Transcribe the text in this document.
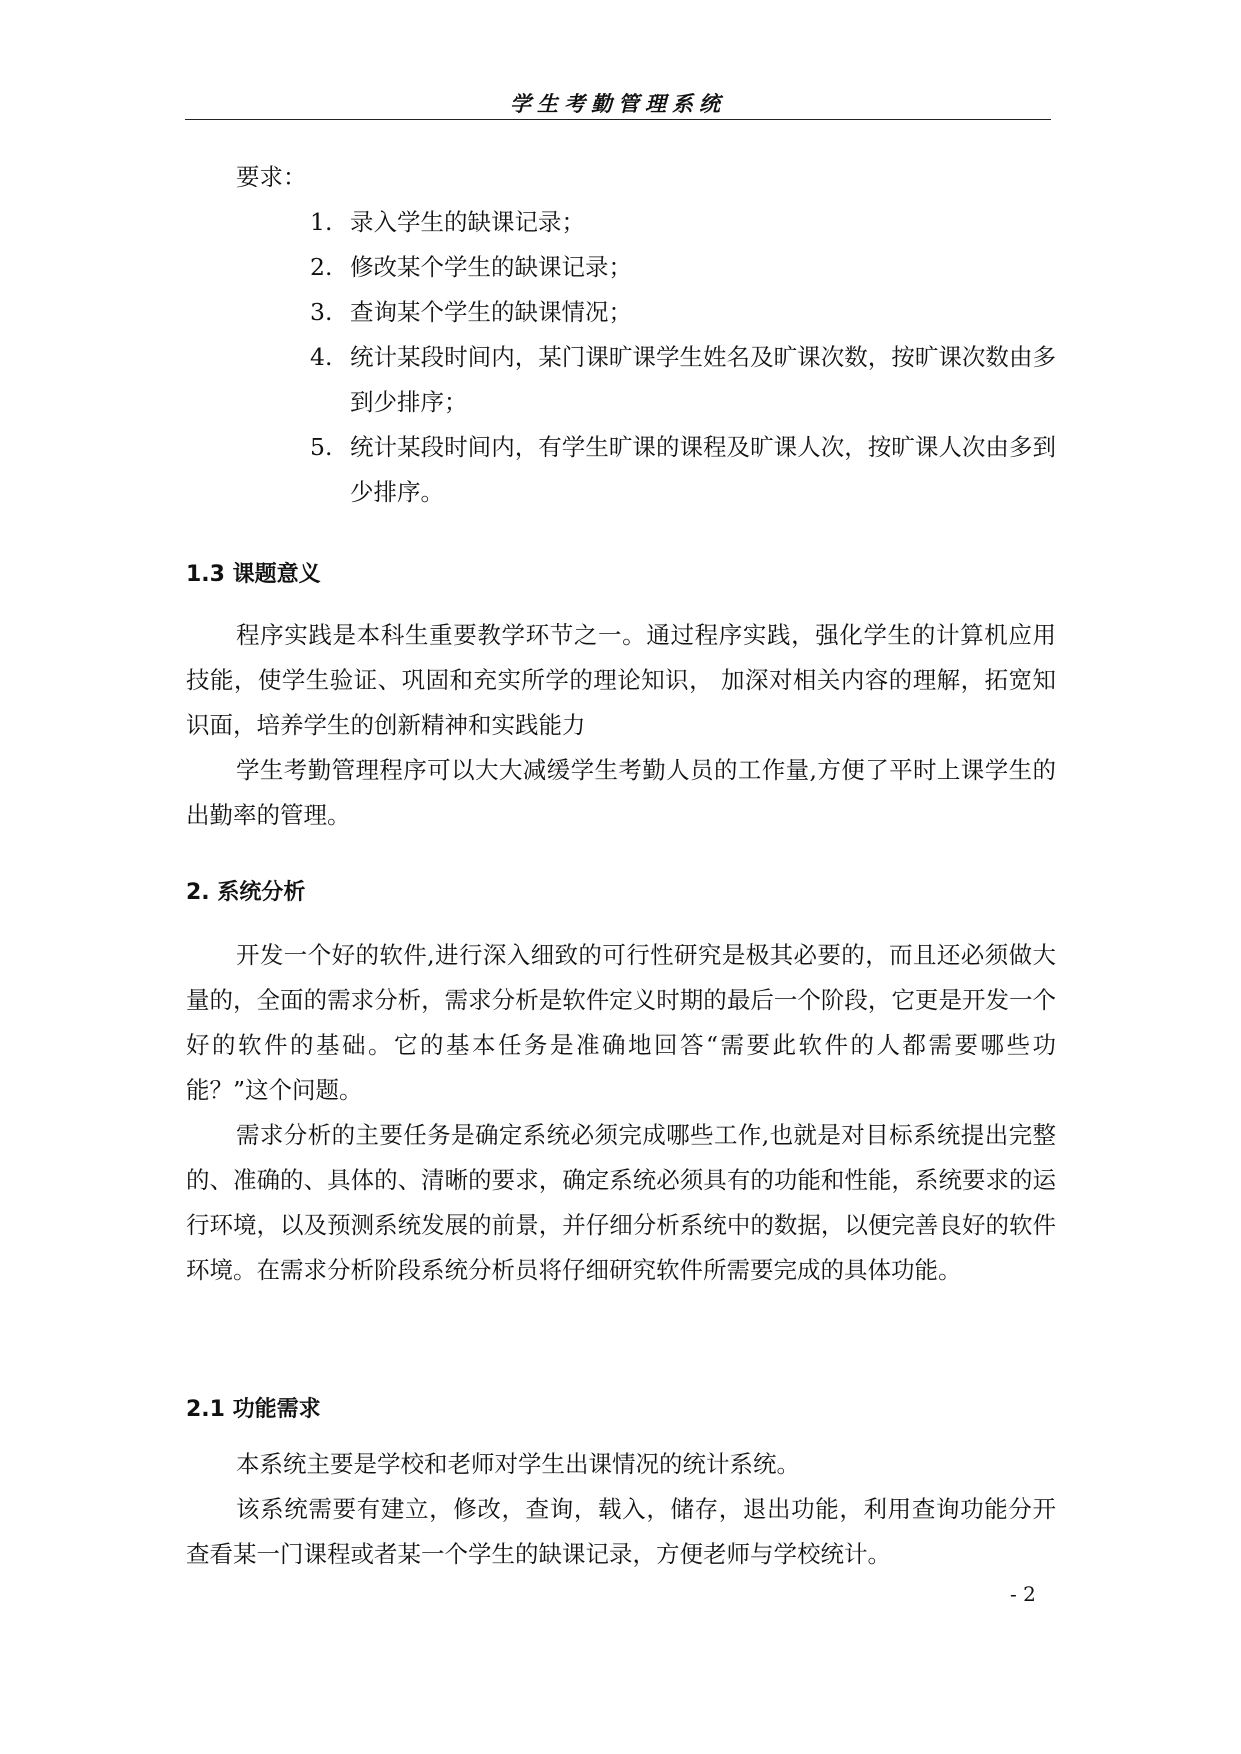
学生考勤管理系统
要求：
1. 录入学生的缺课记录；
2. 修改某个学生的缺课记录；
3. 查询某个学生的缺课情况；
4. 统计某段时间内，某门课旷课学生姓名及旷课次数，按旷课次数由多到少排序；
5. 统计某段时间内，有学生旷课的课程及旷课人次，按旷课人次由多到少排序。
1.3 课题意义

程序实践是本科生重要教学环节之一。通过程序实践，强化学生的计算机应用技能，使学生验证、巩固和充实所学的理论知识， 加深对相关内容的理解，拓宽知识面，培养学生的创新精神和实践能力

学生考勤管理程序可以大大减缓学生考勤人员的工作量,方便了平时上课学生的出勤率的管理。

2. 系统分析

开发一个好的软件,进行深入细致的可行性研究是极其必要的，而且还必须做大量的，全面的需求分析，需求分析是软件定义时期的最后一个阶段，它更是开发一个好的软件的基础。它的基本任务是准确地回答“需要此软件的人都需要哪些功能？”这个问题。

需求分析的主要任务是确定系统必须完成哪些工作,也就是对目标系统提出完整的、准确的、具体的、清晰的要求，确定系统必须具有的功能和性能，系统要求的运行环境，以及预测系统发展的前景，并仔细分析系统中的数据，以便完善良好的软件环境。在需求分析阶段系统分析员将仔细研究软件所需要完成的具体功能。

2.1 功能需求

本系统主要是学校和老师对学生出课情况的统计系统。

该系统需要有建立，修改，查询，载入，储存，退出功能，利用查询功能分开查看某一门课程或者某一个学生的缺课记录，方便老师与学校统计。

- 2
